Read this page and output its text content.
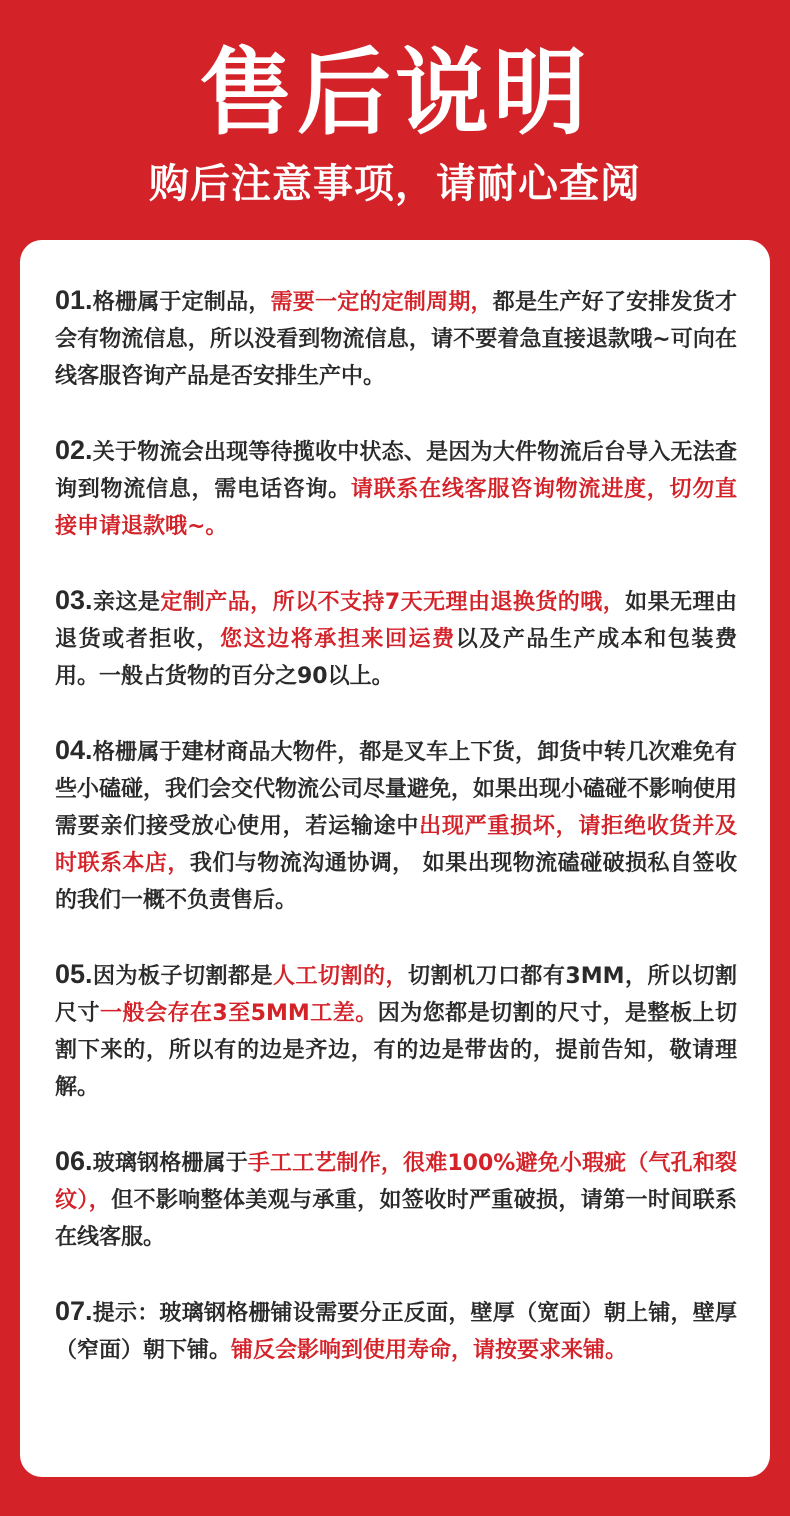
售后说明
购后注意事项，请耐心查阅
01.格栅属于定制品，需要一定的定制周期，都是生产好了安排发货才会有物流信息，所以没看到物流信息，请不要着急直接退款哦~可向在线客服咨询产品是否安排生产中。
02.关于物流会出现等待揽收中状态、是因为大件物流后台导入无法查询到物流信息，需电话咨询。请联系在线客服咨询物流进度，切勿直接申请退款哦~。
03.亲这是定制产品，所以不支持7天无理由退换货的哦，如果无理由退货或者拒收，您这边将承担来回运费以及产品生产成本和包装费用。一般占货物的百分之90以上。
04.格栅属于建材商品大物件，都是叉车上下货，卸货中转几次难免有些小磕碰，我们会交代物流公司尽量避免，如果出现小磕碰不影响使用需要亲们接受放心使用，若运输途中出现严重损坏，请拒绝收货并及时联系本店，我们与物流沟通协调， 如果出现物流磕碰破损私自签收的我们一概不负责售后。
05.因为板子切割都是人工切割的，切割机刀口都有3MM，所以切割尺寸一般会存在3至5MM工差。因为您都是切割的尺寸，是整板上切割下来的，所以有的边是齐边，有的边是带齿的，提前告知，敬请理解。
06.玻璃钢格栅属于手工工艺制作，很难100%避免小瑕疵（气孔和裂纹），但不影响整体美观与承重，如签收时严重破损，请第一时间联系在线客服。
07.提示：玻璃钢格栅铺设需要分正反面，壁厚（宽面）朝上铺，壁厚（窄面）朝下铺。铺反会影响到使用寿命，请按要求来铺。
